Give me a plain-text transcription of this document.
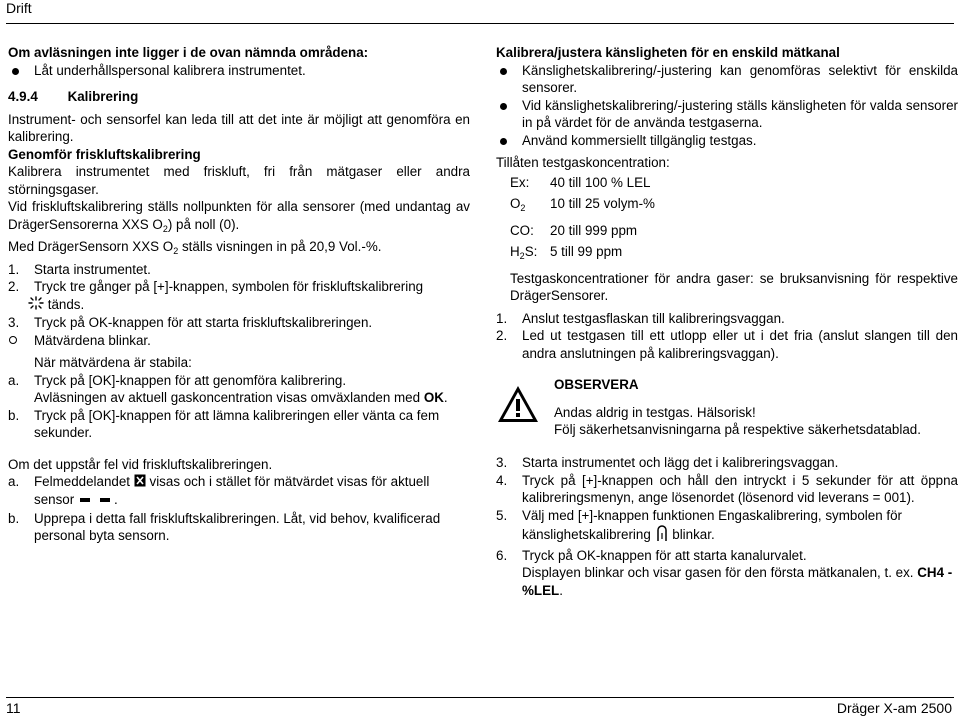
Drift

Om avläsningen inte ligger i de ovan nämnda områdena:

Låt underhållspersonal kalibrera instrumentet.

4.9.4 Kalibrering

Instrument- och sensorfel kan leda till att det inte är möjligt att genomföra en kalibrering.

Genomför friskluftskalibrering

Kalibrera instrumentet med friskluft, fri från mätgaser eller andra störningsgaser.

Vid friskluftskalibrering ställs nollpunkten för alla sensorer (med undantag av DrägerSensorerna XXS $O_2$) på noll (0).

Med DrägerSensorn XXS $O_2$ ställs visningen in på 20,9 Vol.-%.

1. Starta instrumentet.
2. Tryck tre gånger på [+]-knappen, symbolen för friskluftskalibrering
tänds.
3. Tryck på OK-knappen för att starta friskluftskalibreringen.

Mätvärdena blinkar.

När mätvärdena är stabila:

a. Tryck på [OK]-knappen för att genomföra kalibrering.

Avläsningen av aktuell gaskoncentration visas omväxlanden med OK.

b. Tryck på [OK]-knappen för att lämna kalibreringen eller vänta ca fem sekunder.

Om det uppstår fel vid friskluftskalibreringen.

a. Felmeddelandet visas och i stället för mätvärdet visas för aktuell sensor	.
b. Upprepa i detta fall friskluftskalibreringen. Låt, vid behov, kvalificerad personal byta sensorn.

Kalibrera/justera känsligheten för en enskild mätkanal

Känslighetskalibrering/-justering kan genomföras selektivt för enskilda sensorer.

Vid känslighetskalibrering/-justering ställs känsligheten för valda sensorer in på värdet för de använda testgaserna.

Använd kommersiellt tillgänglig testgas.

Tillåten testgaskoncentration:

Ex:	40 till 100 % LEL
$O_2$	10 till 25 volym-%
CO:	20 till 999 ppm
$H_2S$: 5 till 99 ppm

Testgaskoncentrationer för andra gaser: se bruksanvisning för respektive DrägerSensorer.

1. Anslut testgasflaskan till kalibreringsvaggan.
2. Led ut testgasen till ett utlopp eller ut i det fria (anslut slangen till den andra anslutningen på kalibreringsvaggan).
OBSERVERA
Andas aldrig in testgas. Hälsorisk!
Följ säkerhetsanvisningarna på respektive säkerhetsdatablad.
3. Starta instrumentet och lägg det i kalibreringsvaggan.
4. Tryck på [+]-knappen och håll den intryckt i 5 sekunder för att öppna kalibreringsmenyn, ange lösenordet (lösenord vid leverans = 001).
5. Välj med [+]-knappen funktionen Engaskalibrering, symbolen för känslighetskalibrering blinkar.
6. Tryck på OK-knappen för att starta kanalurvalet.

Displayen blinkar och visar gasen för den första mätkanalen, t. ex. CH4 - %LEL.

11	Dräger X-am 2500
